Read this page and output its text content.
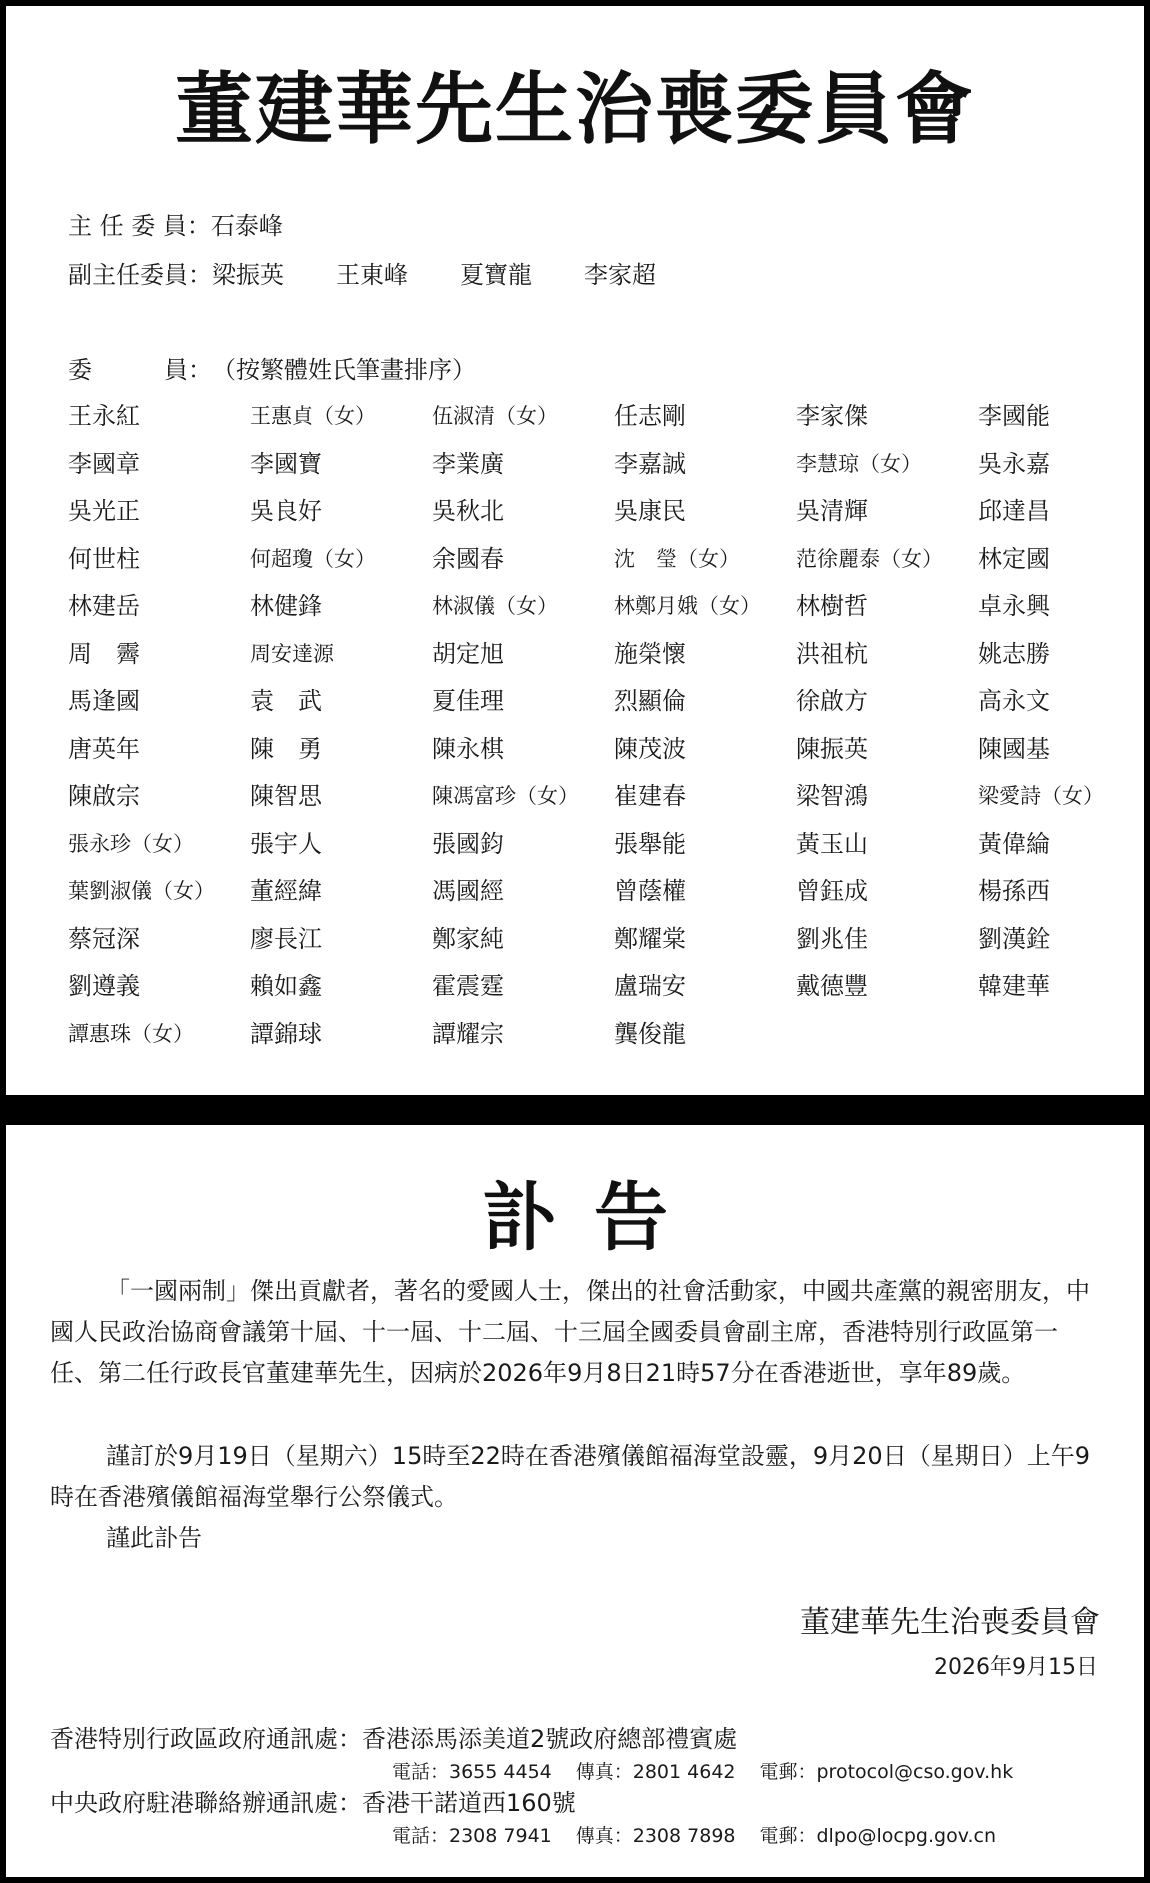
董建華先生治喪委員會
主 任 委 員：石泰峰
副主任委員：梁振英 王東峰 夏寶龍 李家超
委　　　員：（按繁體姓氏筆畫排序）
王永紅	王惠貞（女）	伍淑清（女）	任志剛	李家傑	李國能
李國章	李國寶	李業廣	李嘉誠	李慧琼（女）	吳永嘉
吳光正	吳良好	吳秋北	吳康民	吳清輝	邱達昌
何世柱	何超瓊（女）	余國春	沈　瑩（女）	范徐麗泰（女）	林定國
林建岳	林健鋒	林淑儀（女）	林鄭月娥（女）	林樹哲	卓永興
周　霽	周安達源	胡定旭	施榮懷	洪祖杭	姚志勝
馬逢國	袁　武	夏佳理	烈顯倫	徐啟方	高永文
唐英年	陳　勇	陳永棋	陳茂波	陳振英	陳國基
陳啟宗	陳智思	陳馮富珍（女）	崔建春	梁智鴻	梁愛詩（女）
張永珍（女）	張宇人	張國鈞	張舉能	黃玉山	黃偉綸
葉劉淑儀（女）	董經緯	馮國經	曾蔭權	曾鈺成	楊孫西
蔡冠深	廖長江	鄭家純	鄭耀棠	劉兆佳	劉漢銓
劉遵義	賴如鑫	霍震霆	盧瑞安	戴德豐	韓建華
譚惠珠（女）	譚錦球	譚耀宗	龔俊龍
訃告
「一國兩制」傑出貢獻者，著名的愛國人士，傑出的社會活動家，中國共產黨的親密朋友，中國人民政治協商會議第十屆、十一屆、十二屆、十三屆全國委員會副主席，香港特別行政區第一任、第二任行政長官董建華先生，因病於2026年9月8日21時57分在香港逝世，享年89歲。
謹訂於9月19日（星期六）15時至22時在香港殯儀館福海堂設靈，9月20日（星期日）上午9時在香港殯儀館福海堂舉行公祭儀式。
謹此訃告
董建華先生治喪委員會
2026年9月15日
香港特別行政區政府通訊處：香港添馬添美道2號政府總部禮賓處
電話：3655 4454 傳真：2801 4642 電郵：protocol@cso.gov.hk
中央政府駐港聯絡辦通訊處：香港干諾道西160號
電話：2308 7941 傳真：2308 7898 電郵：dlpo@locpg.gov.cn
